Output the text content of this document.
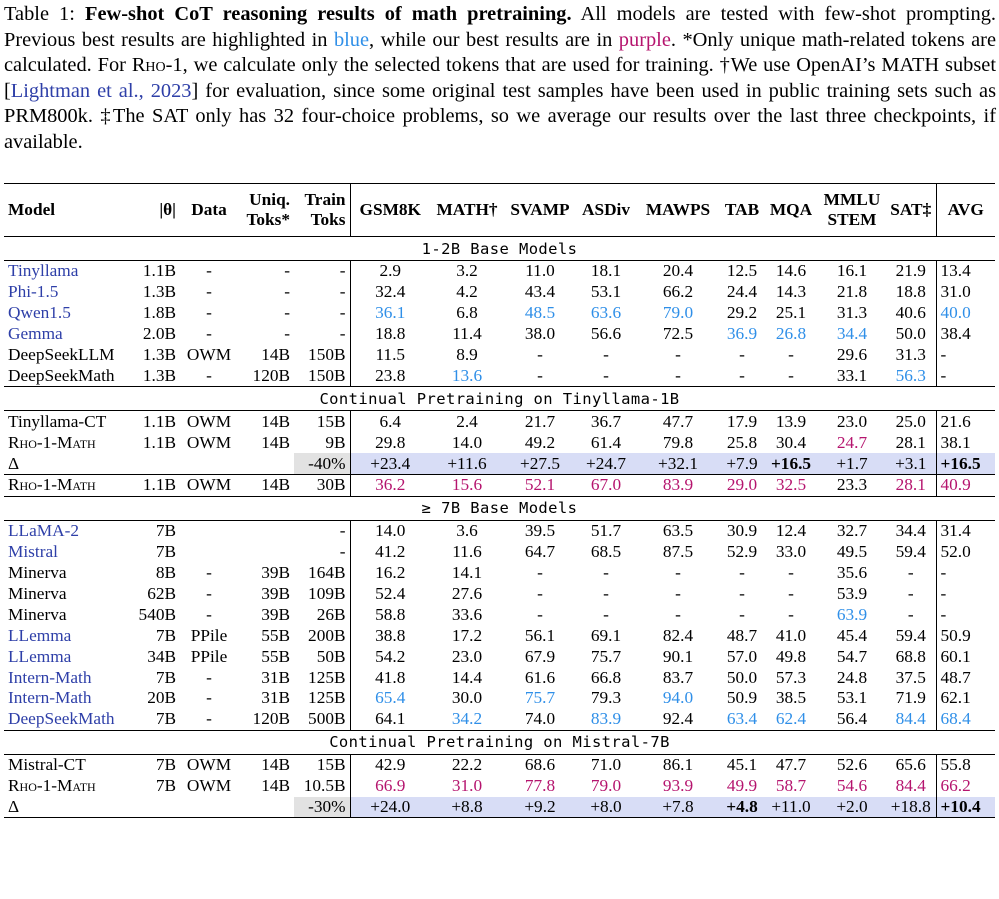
Table 1: Few-shot CoT reasoning results of math pretraining. All models are tested with few-shot prompting. Previous best results are highlighted in blue, while our best results are in purple. *Only unique math-related tokens are calculated. For Rho-1, we calculate only the selected tokens that are used for training. †We use OpenAI’s MATH subset [Lightman et al., 2023] for evaluation, since some original test samples have been used in public training sets such as PRM800k. ‡The SAT only has 32 four-choice problems, so we average our results over the last three checkpoints, if available.
Model	|θ|	Data	Uniq.
Toks*	Train
Toks	GSM8K	MATH†	SVAMP	ASDiv	MAWPS	TAB	MQA	MMLU
STEM	SAT‡	AVG
1-2B Base Models														
Tinyllama	1.1B	-	-	-	2.9	3.2	11.0	18.1	20.4	12.5	14.6	16.1	21.9	13.4
Phi-1.5	1.3B	-	-	-	32.4	4.2	43.4	53.1	66.2	24.4	14.3	21.8	18.8	31.0
Qwen1.5	1.8B	-	-	-	36.1	6.8	48.5	63.6	79.0	29.2	25.1	31.3	40.6	40.0
Gemma	2.0B	-	-	-	18.8	11.4	38.0	56.6	72.5	36.9	26.8	34.4	50.0	38.4
DeepSeekLLM	1.3B	OWM	14B	150B	11.5	8.9	-	-	-	-	-	29.6	31.3	-
DeepSeekMath	1.3B	-	120B	150B	23.8	13.6	-	-	-	-	-	33.1	56.3	-
Continual Pretraining on Tinyllama-1B														
Tinyllama-CT	1.1B	OWM	14B	15B	6.4	2.4	21.7	36.7	47.7	17.9	13.9	23.0	25.0	21.6
Rho-1-Math	1.1B	OWM	14B	9B	29.8	14.0	49.2	61.4	79.8	25.8	30.4	24.7	28.1	38.1
Δ				-40%	+23.4	+11.6	+27.5	+24.7	+32.1	+7.9	+16.5	+1.7	+3.1	+16.5
Rho-1-Math	1.1B	OWM	14B	30B	36.2	15.6	52.1	67.0	83.9	29.0	32.5	23.3	28.1	40.9
≥ 7B Base Models														
LLaMA-2	7B			-	14.0	3.6	39.5	51.7	63.5	30.9	12.4	32.7	34.4	31.4
Mistral	7B			-	41.2	11.6	64.7	68.5	87.5	52.9	33.0	49.5	59.4	52.0
Minerva	8B	-	39B	164B	16.2	14.1	-	-	-	-	-	35.6	-	-
Minerva	62B	-	39B	109B	52.4	27.6	-	-	-	-	-	53.9	-	-
Minerva	540B	-	39B	26B	58.8	33.6	-	-	-	-	-	63.9	-	-
LLemma	7B	PPile	55B	200B	38.8	17.2	56.1	69.1	82.4	48.7	41.0	45.4	59.4	50.9
LLemma	34B	PPile	55B	50B	54.2	23.0	67.9	75.7	90.1	57.0	49.8	54.7	68.8	60.1
Intern-Math	7B	-	31B	125B	41.8	14.4	61.6	66.8	83.7	50.0	57.3	24.8	37.5	48.7
Intern-Math	20B	-	31B	125B	65.4	30.0	75.7	79.3	94.0	50.9	38.5	53.1	71.9	62.1
DeepSeekMath	7B	-	120B	500B	64.1	34.2	74.0	83.9	92.4	63.4	62.4	56.4	84.4	68.4
Continual Pretraining on Mistral-7B														
Mistral-CT	7B	OWM	14B	15B	42.9	22.2	68.6	71.0	86.1	45.1	47.7	52.6	65.6	55.8
Rho-1-Math	7B	OWM	14B	10.5B	66.9	31.0	77.8	79.0	93.9	49.9	58.7	54.6	84.4	66.2
Δ				-30%	+24.0	+8.8	+9.2	+8.0	+7.8	+4.8	+11.0	+2.0	+18.8	+10.4
